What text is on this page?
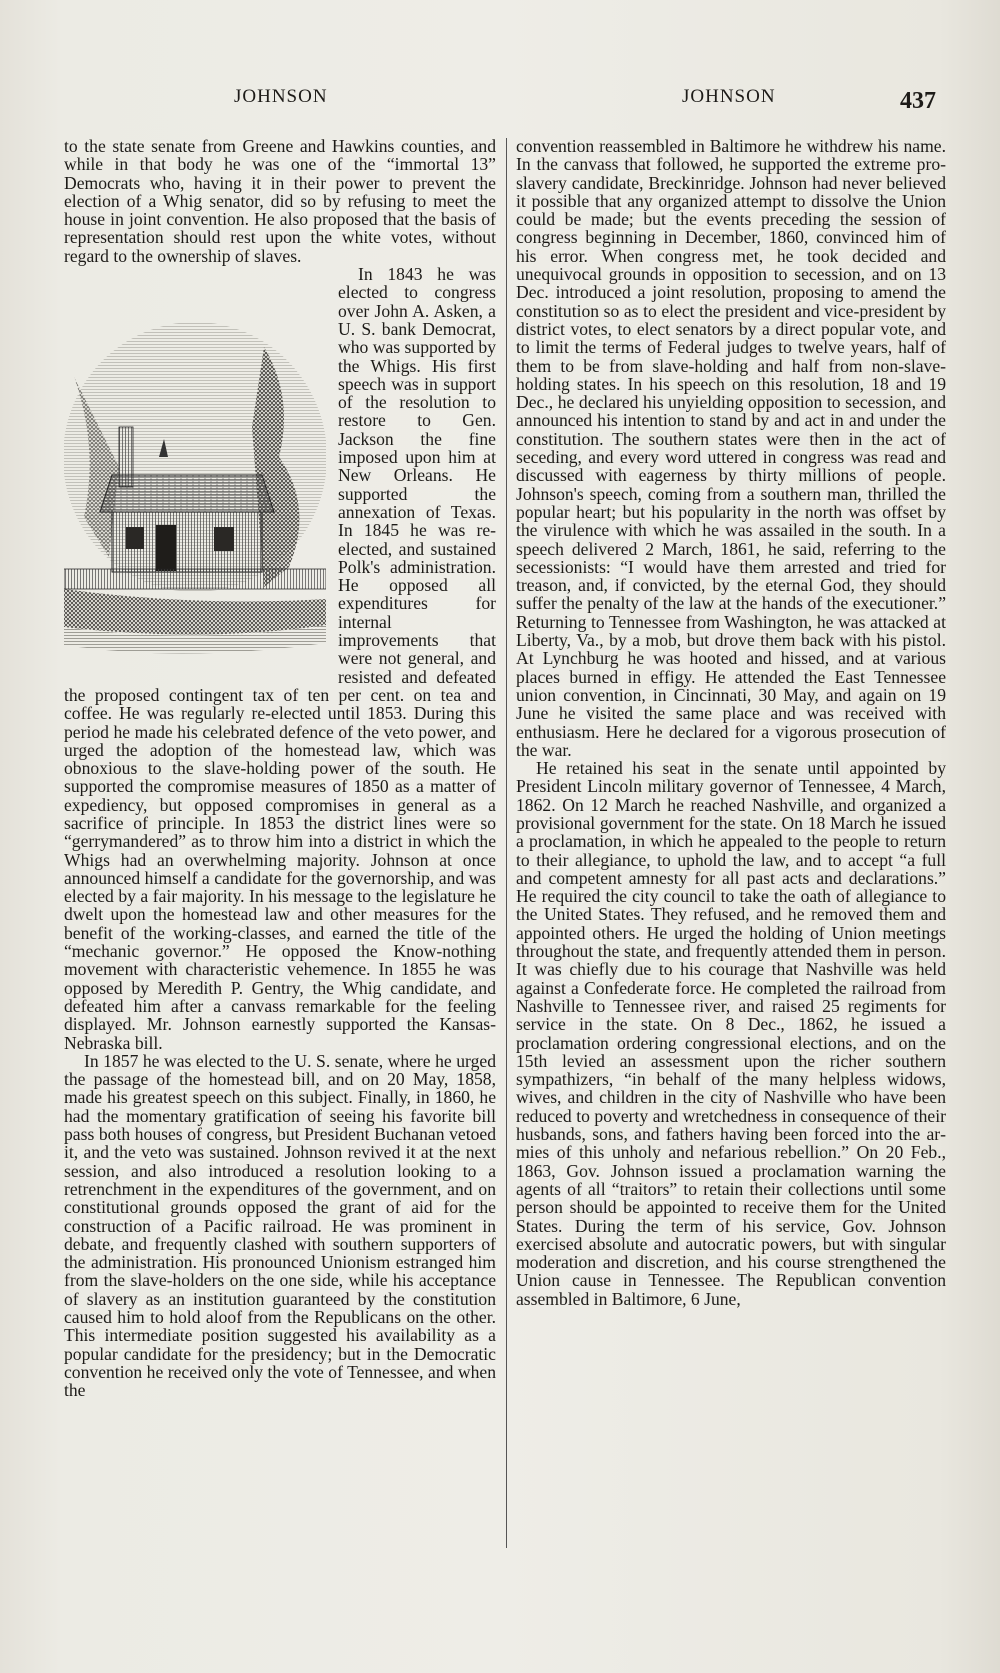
JOHNSON	JOHNSON	437

to the state senate from Greene and Hawkins counties, and while in that body he was one of the “immortal 13” Democrats who, having it in their power to prevent the election of a Whig senator, did so by refusing to meet the house in joint convention. He also proposed that the basis of representation should rest upon the white votes, without regard to the ownership of slaves.

In 1843 he was elected to congress over John A. Asken, a U. S. bank Democrat, who was supported by the Whigs. His first speech was in support of the resolution to restore to Gen. Jackson the fine imposed upon him at New Orleans. He supported the annexation of Texas. In 1845 he was re-elected, and sustained Polk's administration. He opposed all expenditures for internal improvements that were not general, and resisted and defeated the proposed contingent tax of ten per cent. on tea and coffee. He was regularly re-elected until 1853. During this period he made his celebrated defence of the veto power, and urged the adoption of the homestead law, which was obnoxious to the slave-holding power of the south. He supported the compromise measures of 1850 as a matter of expediency, but opposed compromises in general as a sacrifice of principle. In 1853 the district lines were so “gerrymandered” as to throw him into a district in which the Whigs had an overwhelming majority. Johnson at once announced himself a candidate for the governorship, and was elected by a fair majority. In his message to the legislature he dwelt upon the homestead law and other measures for the benefit of the working-classes, and earned the title of the “mechanic governor.” He opposed the Know-nothing movement with characteristic vehemence. In 1855 he was opposed by Meredith P. Gentry, the Whig candidate, and defeated him after a canvass remarkable for the feeling displayed. Mr. Johnson earnestly supported the Kansas-Nebraska bill.

In 1857 he was elected to the U. S. senate, where he urged the passage of the homestead bill, and on 20 May, 1858, made his greatest speech on this subject. Finally, in 1860, he had the momentary gratification of seeing his favorite bill pass both houses of congress, but President Buchanan vetoed it, and the veto was sustained. Johnson revived it at the next session, and also introduced a resolution looking to a retrenchment in the expenditures of the government, and on constitutional grounds opposed the grant of aid for the construction of a Pacific railroad. He was prominent in debate, and frequently clashed with southern supporters of the administration. His pronounced Unionism estranged him from the slave-holders on the one side, while his acceptance of slavery as an institution guaranteed by the constitution caused him to hold aloof from the Republicans on the other. This intermediate position suggested his availability as a popular candidate for the presidency; but in the Democratic convention he received only the vote of Tennessee, and when the

convention reassembled in Baltimore he withdrew his name. In the canvass that followed, he supported the extreme pro-slavery candidate, Breckinridge. Johnson had never believed it possible that any organized attempt to dissolve the Union could be made; but the events preceding the session of congress beginning in December, 1860, convinced him of his error. When congress met, he took decided and unequivocal grounds in opposition to secession, and on 13 Dec. introduced a joint resolution, proposing to amend the constitution so as to elect the president and vice-president by district votes, to elect senators by a direct popular vote, and to limit the terms of Federal judges to twelve years, half of them to be from slave-holding and half from non-slave-holding states. In his speech on this resolution, 18 and 19 Dec., he declared his unyielding opposition to secession, and announced his intention to stand by and act in and under the constitution. The southern states were then in the act of seceding, and every word uttered in congress was read and discussed with eagerness by thirty millions of people. Johnson's speech, coming from a southern man, thrilled the popular heart; but his popularity in the north was offset by the virulence with which he was assailed in the south. In a speech delivered 2 March, 1861, he said, referring to the secessionists: “I would have them arrested and tried for treason, and, if convicted, by the eternal God, they should suffer the penalty of the law at the hands of the executioner.” Returning to Tennessee from Washington, he was attacked at Liberty, Va., by a mob, but drove them back with his pistol. At Lynchburg he was hooted and hissed, and at various places burned in effigy. He attended the East Tennessee union convention, in Cincinnati, 30 May, and again on 19 June he visited the same place and was received with enthusiasm. Here he declared for a vigorous prosecution of the war.

He retained his seat in the senate until appointed by President Lincoln military governor of Tennessee, 4 March, 1862. On 12 March he reached Nashville, and organized a provisional government for the state. On 18 March he issued a proclamation, in which he appealed to the people to return to their allegiance, to uphold the law, and to accept “a full and competent amnesty for all past acts and declarations.” He required the city council to take the oath of allegiance to the United States. They refused, and he removed them and appointed others. He urged the holding of Union meetings throughout the state, and frequently attended them in person. It was chiefly due to his courage that Nashville was held against a Confederate force. He completed the railroad from Nashville to Tennessee river, and raised 25 regiments for service in the state. On 8 Dec., 1862, he issued a proclamation ordering congressional elections, and on the 15th levied an assessment upon the richer southern sympathizers, “in behalf of the many helpless widows, wives, and children in the city of Nashville who have been reduced to poverty and wretchedness in consequence of their husbands, sons, and fathers having been forced into the armies of this unholy and nefarious rebellion.” On 20 Feb., 1863, Gov. Johnson issued a proclamation warning the agents of all “traitors” to retain their collections until some person should be appointed to receive them for the United States. During the term of his service, Gov. Johnson exercised absolute and autocratic powers, but with singular moderation and discretion, and his course strengthened the Union cause in Tennessee. The Republican convention assembled in Baltimore, 6 June,
